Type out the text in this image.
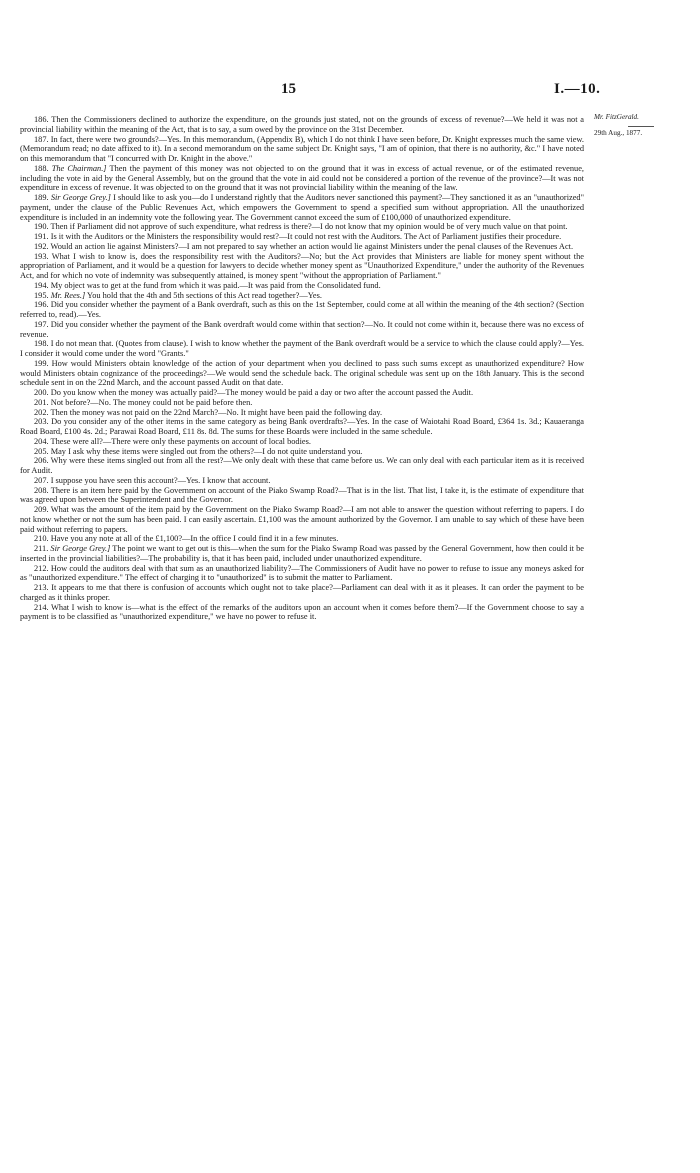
15	I.—10.
Mr. FitzGerald.
29th Aug., 1877.

186. Then the Commissioners declined to authorize the expenditure, on the grounds just stated, not on the grounds of excess of revenue?—We held it was not a provincial liability within the meaning of the Act, that is to say, a sum owed by the province on the 31st December.

187. In fact, there were two grounds?—Yes. In this memorandum, (Appendix B), which I do not think I have seen before, Dr. Knight expresses much the same view. (Memorandum read; no date affixed to it). In a second memorandum on the same subject Dr. Knight says, "I am of opinion, that there is no authority, &c." I have noted on this memorandum that "I concurred with Dr. Knight in the above."

188. The Chairman.] Then the payment of this money was not objected to on the ground that it was in excess of actual revenue, or of the estimated revenue, including the vote in aid by the General Assembly, but on the ground that the vote in aid could not be considered a portion of the revenue of the province?—It was not expenditure in excess of revenue. It was objected to on the ground that it was not provincial liability within the meaning of the law.

189. Sir George Grey.] I should like to ask you—do I understand rightly that the Auditors never sanctioned this payment?—They sanctioned it as an "unauthorized" payment, under the clause of the Public Revenues Act, which empowers the Government to spend a specified sum without appropriation. All the unauthorized expenditure is included in an indemnity vote the following year. The Government cannot exceed the sum of £100,000 of unauthorized expenditure.

190. Then if Parliament did not approve of such expenditure, what redress is there?—I do not know that my opinion would be of very much value on that point.

191. Is it with the Auditors or the Ministers the responsibility would rest?—It could not rest with the Auditors. The Act of Parliament justifies their procedure.

192. Would an action lie against Ministers?—I am not prepared to say whether an action would lie against Ministers under the penal clauses of the Revenues Act.

193. What I wish to know is, does the responsibility rest with the Auditors?—No; but the Act provides that Ministers are liable for money spent without the appropriation of Parliament, and it would be a question for lawyers to decide whether money spent as "Unauthorized Expenditure," under the authority of the Revenues Act, and for which no vote of indemnity was subsequently attained, is money spent "without the appropriation of Parliament."

194. My object was to get at the fund from which it was paid.—It was paid from the Consolidated fund.

195. Mr. Rees.] You hold that the 4th and 5th sections of this Act read together?—Yes.

196. Did you consider whether the payment of a Bank overdraft, such as this on the 1st September, could come at all within the meaning of the 4th section? (Section referred to, read).—Yes.

197. Did you consider whether the payment of the Bank overdraft would come within that section?—No. It could not come within it, because there was no excess of revenue.

198. I do not mean that. (Quotes from clause). I wish to know whether the payment of the Bank overdraft would be a service to which the clause could apply?—Yes. I consider it would come under the word "Grants."

199. How would Ministers obtain knowledge of the action of your department when you declined to pass such sums except as unauthorized expenditure? How would Ministers obtain cognizance of the proceedings?—We would send the schedule back. The original schedule was sent up on the 18th January. This is the second schedule sent in on the 22nd March, and the account passed Audit on that date.

200. Do you know when the money was actually paid?—The money would be paid a day or two after the account passed the Audit.

201. Not before?—No. The money could not be paid before then.

202. Then the money was not paid on the 22nd March?—No. It might have been paid the following day.

203. Do you consider any of the other items in the same category as being Bank overdrafts?—Yes. In the case of Waiotahi Road Board, £364 1s. 3d.; Kauaeranga Road Board, £100 4s. 2d.; Parawai Road Board, £11 8s. 8d. The sums for these Boards were included in the same schedule.

204. These were all?—There were only these payments on account of local bodies.

205. May I ask why these items were singled out from the others?—I do not quite understand you.

206. Why were these items singled out from all the rest?—We only dealt with these that came before us. We can only deal with each particular item as it is received for Audit.

207. I suppose you have seen this account?—Yes. I know that account.

208. There is an item here paid by the Government on account of the Piako Swamp Road?—That is in the list. That list, I take it, is the estimate of expenditure that was agreed upon between the Superintendent and the Governor.

209. What was the amount of the item paid by the Government on the Piako Swamp Road?—I am not able to answer the question without referring to papers. I do not know whether or not the sum has been paid. I can easily ascertain. £1,100 was the amount authorized by the Governor. I am unable to say which of these have been paid without referring to papers.

210. Have you any note at all of the £1,100?—In the office I could find it in a few minutes.

211. Sir George Grey.] The point we want to get out is this—when the sum for the Piako Swamp Road was passed by the General Government, how then could it be inserted in the provincial liabilities?—The probability is, that it has been paid, included under unauthorized expenditure.

212. How could the auditors deal with that sum as an unauthorized liability?—The Commissioners of Audit have no power to refuse to issue any moneys asked for as "unauthorized expenditure." The effect of charging it to "unauthorized" is to submit the matter to Parliament.

213. It appears to me that there is confusion of accounts which ought not to take place?—Parliament can deal with it as it pleases. It can order the payment to be charged as it thinks proper.

214. What I wish to know is—what is the effect of the remarks of the auditors upon an account when it comes before them?—If the Government choose to say a payment is to be classified as "unauthorized expenditure," we have no power to refuse it.
